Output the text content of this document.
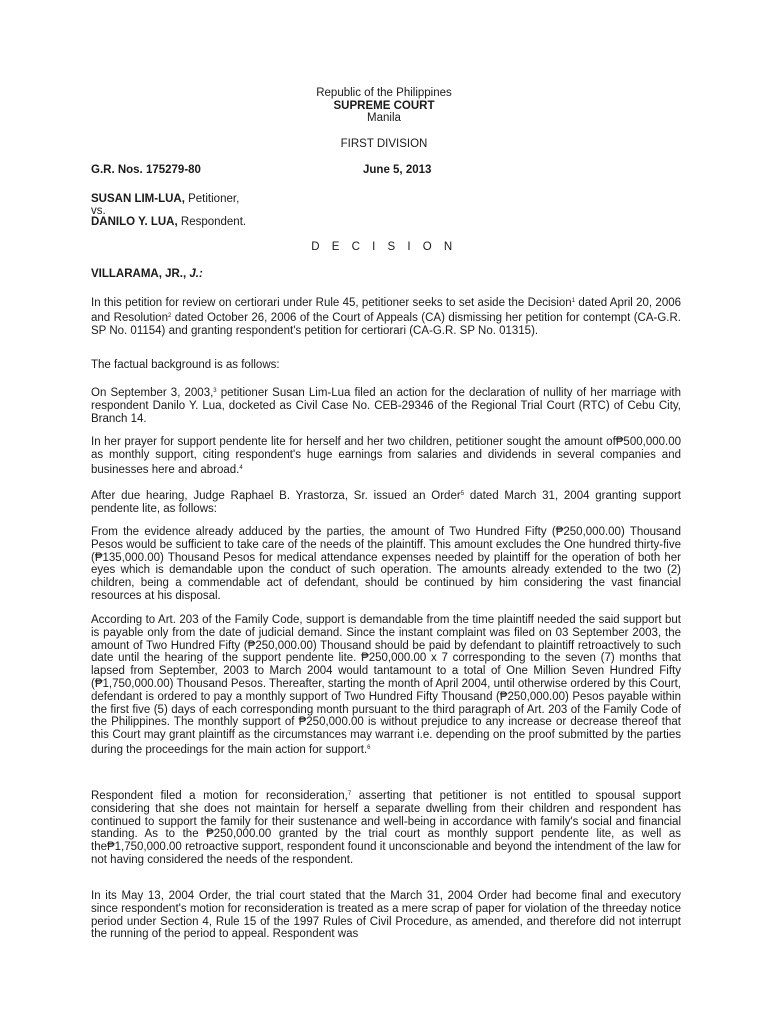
Republic of the Philippines
SUPREME COURT
Manila
FIRST DIVISION
G.R. Nos. 175279-80	June 5, 2013
SUSAN LIM-LUA, Petitioner,
vs.
DANILO Y. LUA, Respondent.
D E C I S I O N
VILLARAMA, JR., J.:

In this petition for review on certiorari under Rule 45, petitioner seeks to set aside the Decision$^1$ dated April 20, 2006 and Resolution$^2$ dated October 26, 2006 of the Court of Appeals (CA) dismissing her petition for contempt (CA-G.R. SP No. 01154) and granting respondent's petition for certiorari (CA-G.R. SP No. 01315).

The factual background is as follows:

On September 3, 2003,$^3$ petitioner Susan Lim-Lua filed an action for the declaration of nullity of her marriage with respondent Danilo Y. Lua, docketed as Civil Case No. CEB-29346 of the Regional Trial Court (RTC) of Cebu City, Branch 14.

In her prayer for support pendente lite for herself and her two children, petitioner sought the amount of₱500,000.00 as monthly support, citing respondent's huge earnings from salaries and dividends in several companies and businesses here and abroad.$^4$

After due hearing, Judge Raphael B. Yrastorza, Sr. issued an Order$^5$ dated March 31, 2004 granting support pendente lite, as follows:

From the evidence already adduced by the parties, the amount of Two Hundred Fifty (₱250,000.00) Thousand Pesos would be sufficient to take care of the needs of the plaintiff. This amount excludes the One hundred thirty-five (₱135,000.00) Thousand Pesos for medical attendance expenses needed by plaintiff for the operation of both her eyes which is demandable upon the conduct of such operation. The amounts already extended to the two (2) children, being a commendable act of defendant, should be continued by him considering the vast financial resources at his disposal.

According to Art. 203 of the Family Code, support is demandable from the time plaintiff needed the said support but is payable only from the date of judicial demand. Since the instant complaint was filed on 03 September 2003, the amount of Two Hundred Fifty (₱250,000.00) Thousand should be paid by defendant to plaintiff retroactively to such date until the hearing of the support pendente lite. ₱250,000.00 x 7 corresponding to the seven (7) months that lapsed from September, 2003 to March 2004 would tantamount to a total of One Million Seven Hundred Fifty (₱1,750,000.00) Thousand Pesos. Thereafter, starting the month of April 2004, until otherwise ordered by this Court, defendant is ordered to pay a monthly support of Two Hundred Fifty Thousand (₱250,000.00) Pesos payable within the first five (5) days of each corresponding month pursuant to the third paragraph of Art. 203 of the Family Code of the Philippines. The monthly support of ₱250,000.00 is without prejudice to any increase or decrease thereof that this Court may grant plaintiff as the circumstances may warrant i.e. depending on the proof submitted by the parties during the proceedings for the main action for support.$^6$

Respondent filed a motion for reconsideration,$^7$ asserting that petitioner is not entitled to spousal support considering that she does not maintain for herself a separate dwelling from their children and respondent has continued to support the family for their sustenance and well-being in accordance with family's social and financial standing. As to the ₱250,000.00 granted by the trial court as monthly support pendente lite, as well as the₱1,750,000.00 retroactive support, respondent found it unconscionable and beyond the intendment of the law for not having considered the needs of the respondent.

In its May 13, 2004 Order, the trial court stated that the March 31, 2004 Order had become final and executory since respondent's motion for reconsideration is treated as a mere scrap of paper for violation of the threeday notice period under Section 4, Rule 15 of the 1997 Rules of Civil Procedure, as amended, and therefore did not interrupt the running of the period to appeal. Respondent was
